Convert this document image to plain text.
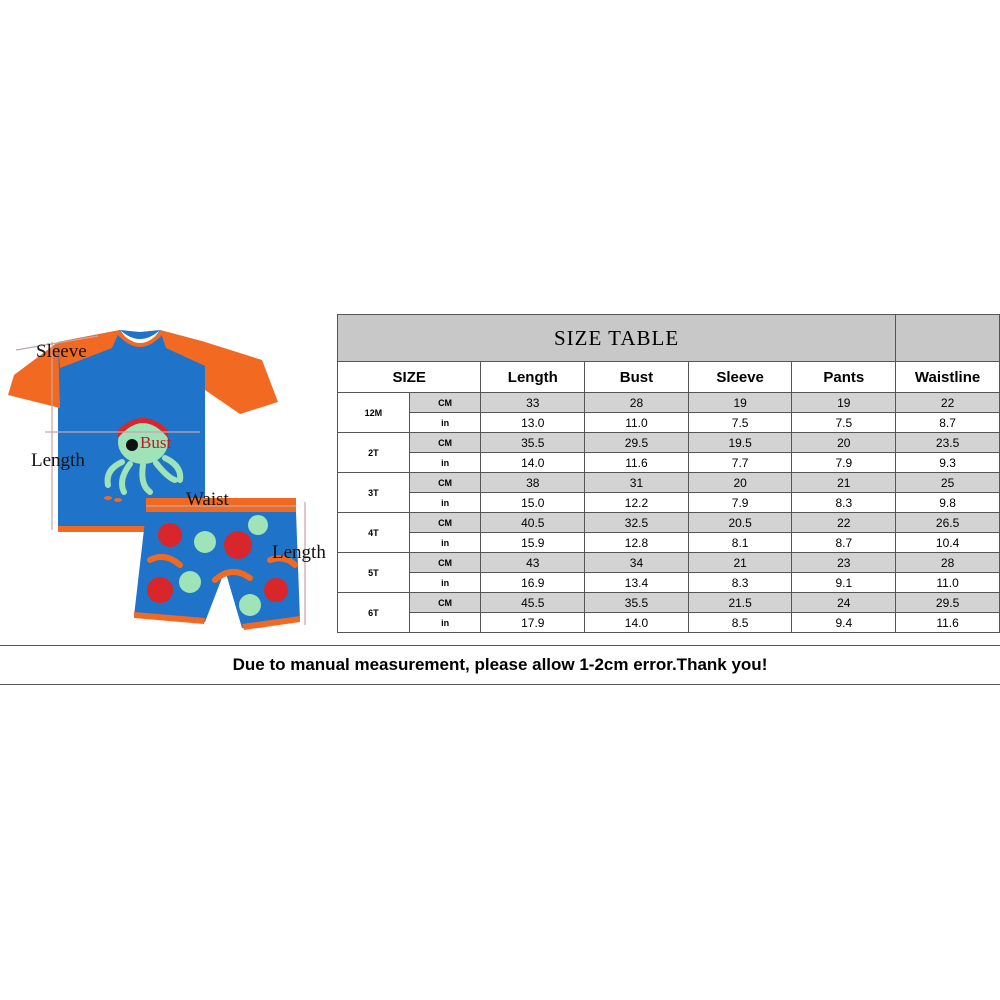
Sleeve
Length
Bust
Waist
Length
SIZE TABLE						
SIZE		Length	Bust	Sleeve	Pants	Waistline
12M	CM	33	28	19	19	22
	in	13.0	11.0	7.5	7.5	8.7
2T	CM	35.5	29.5	19.5	20	23.5
	in	14.0	11.6	7.7	7.9	9.3
3T	CM	38	31	20	21	25
	in	15.0	12.2	7.9	8.3	9.8
4T	CM	40.5	32.5	20.5	22	26.5
	in	15.9	12.8	8.1	8.7	10.4
5T	CM	43	34	21	23	28
	in	16.9	13.4	8.3	9.1	11.0
6T	CM	45.5	35.5	21.5	24	29.5
	in	17.9	14.0	8.5	9.4	11.6
Due to manual measurement, please allow 1-2cm error.Thank you!
